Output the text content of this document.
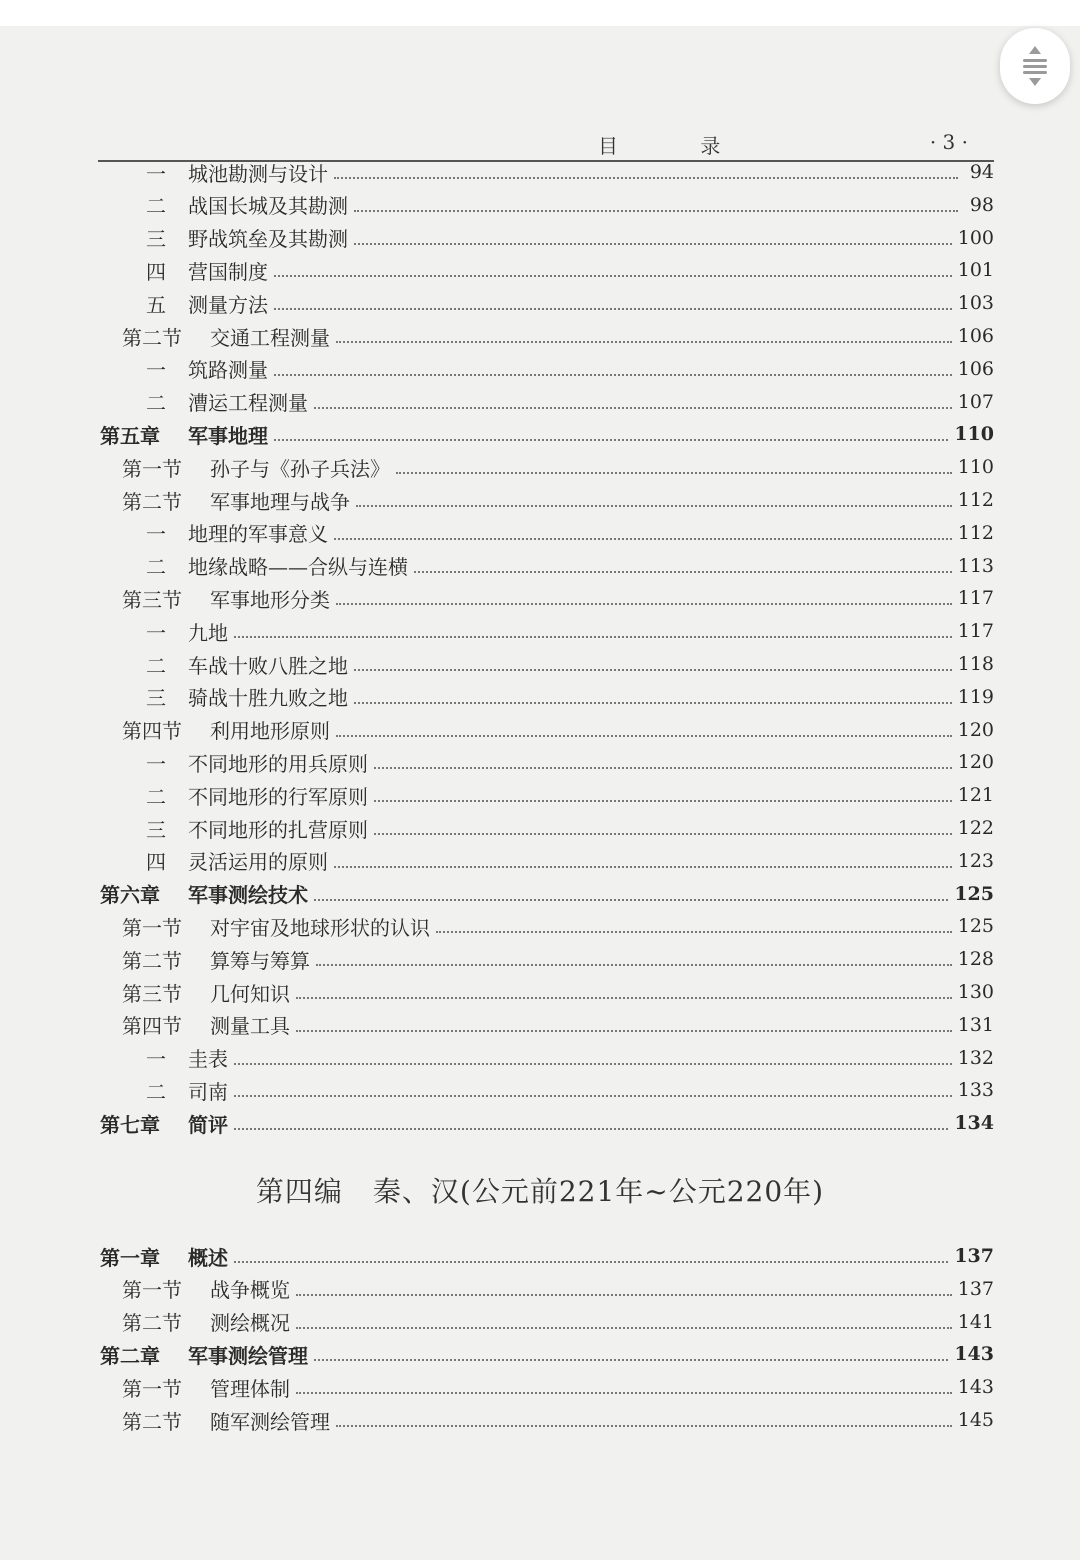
目 录	· 3 ·
一 城池勘测与设计	94
二 战国长城及其勘测	98
三 野战筑垒及其勘测	100
四 营国制度	101
五 测量方法	103
第二节	交通工程测量	106
一 筑路测量	106
二 漕运工程测量	107
第五章	军事地理	110
第一节	孙子与《孙子兵法》	110
第二节	军事地理与战争	112
一 地理的军事意义	112
二 地缘战略——合纵与连横	113
第三节	军事地形分类	117
一 九地	117
二 车战十败八胜之地	118
三 骑战十胜九败之地	119
第四节	利用地形原则	120
一 不同地形的用兵原则	120
二 不同地形的行军原则	121
三 不同地形的扎营原则	122
四 灵活运用的原则	123
第六章	军事测绘技术	125
第一节	对宇宙及地球形状的认识	125
第二节	算筹与筹算	128
第三节	几何知识	130
第四节	测量工具	131
一 圭表	132
二 司南	133
第七章	简评	134
第四编 秦、汉(公元前221年~公元220年)
第一章	概述	137
第一节	战争概览	137
第二节	测绘概况	141
第二章	军事测绘管理	143
第一节	管理体制	143
第二节	随军测绘管理	145
